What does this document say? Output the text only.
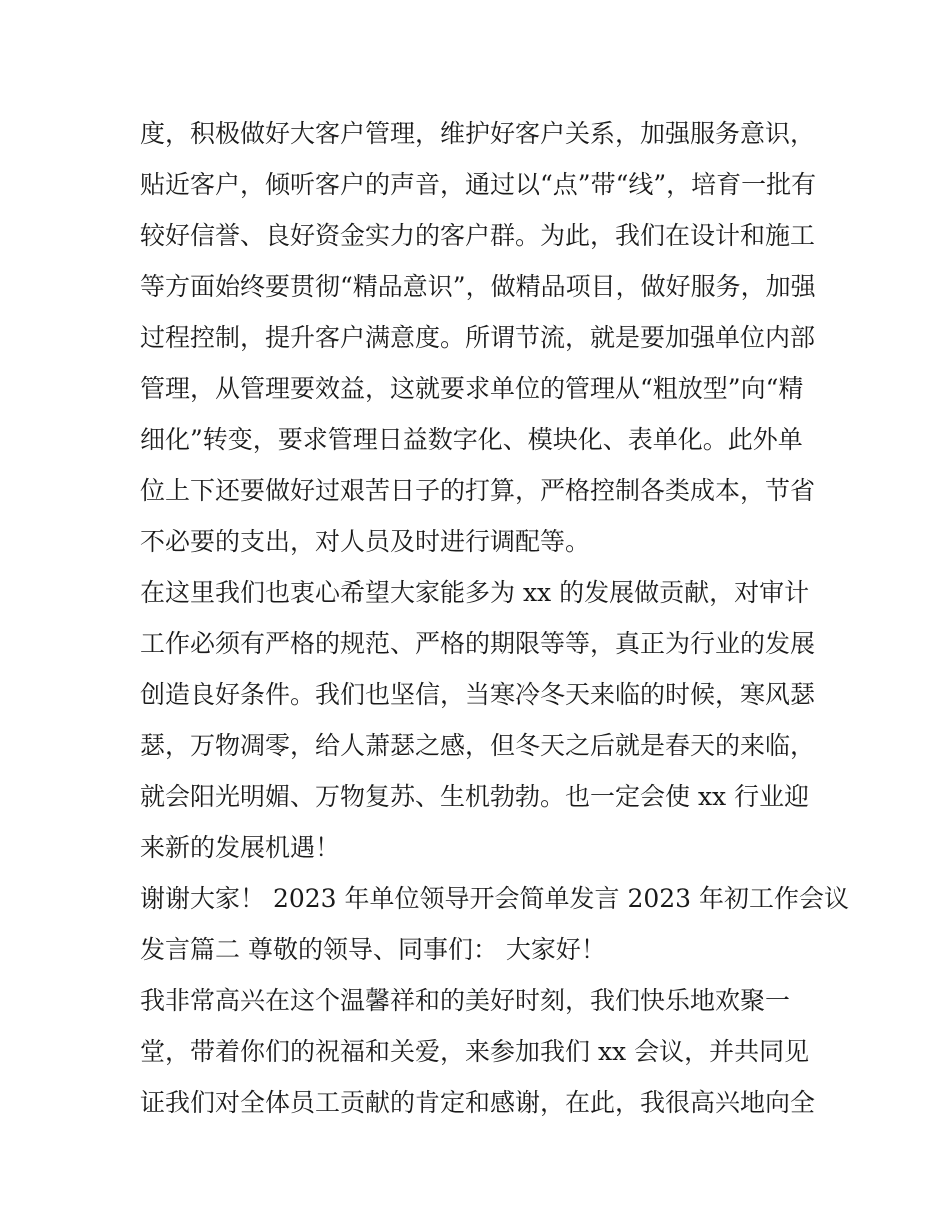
度，积极做好大客户管理，维护好客户关系，加强服务意识，
贴近客户，倾听客户的声音，通过以“点”带“线”，培育一批有
较好信誉、良好资金实力的客户群。为此，我们在设计和施工
等方面始终要贯彻“精品意识”，做精品项目，做好服务，加强
过程控制，提升客户满意度。所谓节流，就是要加强单位内部
管理，从管理要效益，这就要求单位的管理从“粗放型”向“精
细化”转变，要求管理日益数字化、模块化、表单化。此外单
位上下还要做好过艰苦日子的打算，严格控制各类成本，节省
不必要的支出，对人员及时进行调配等。
在这里我们也衷心希望大家能多为 xx 的发展做贡献，对审计
工作必须有严格的规范、严格的期限等等，真正为行业的发展
创造良好条件。我们也坚信，当寒冷冬天来临的时候，寒风瑟
瑟，万物凋零，给人萧瑟之感，但冬天之后就是春天的来临，
就会阳光明媚、万物复苏、生机勃勃。也一定会使 xx 行业迎
来新的发展机遇！
谢谢大家！ 2023 年单位领导开会简单发言 2023 年初工作会议
发言篇二 尊敬的领导、同事们： 大家好！
我非常高兴在这个温馨祥和的美好时刻，我们快乐地欢聚一
堂，带着你们的祝福和关爱，来参加我们 xx 会议，并共同见
证我们对全体员工贡献的肯定和感谢，在此，我很高兴地向全
